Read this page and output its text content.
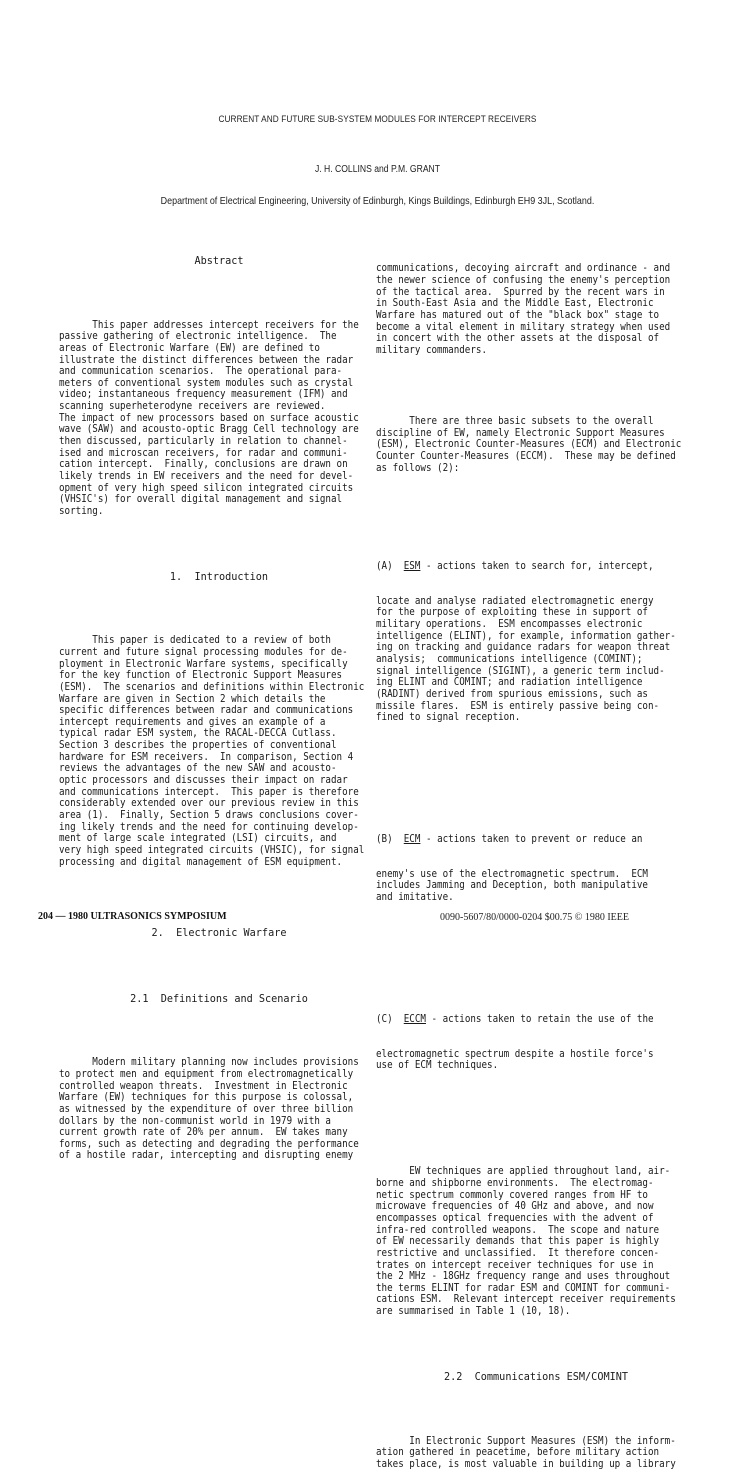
CURRENT AND FUTURE SUB-SYSTEM MODULES FOR INTERCEPT RECEIVERS
J. H. COLLINS and P.M. GRANT
Department of Electrical Engineering, University of Edinburgh, Kings Buildings, Edinburgh EH9 3JL, Scotland.

Abstract

This paper addresses intercept receivers for the
passive gathering of electronic intelligence.  The
areas of Electronic Warfare (EW) are defined to
illustrate the distinct differences between the radar
and communication scenarios.  The operational para-
meters of conventional system modules such as crystal
video; instantaneous frequency measurement (IFM) and
scanning superheterodyne receivers are reviewed.
The impact of new processors based on surface acoustic
wave (SAW) and acousto-optic Bragg Cell technology are
then discussed, particularly in relation to channel-
ised and microscan receivers, for radar and communi-
cation intercept.  Finally, conclusions are drawn on
likely trends in EW receivers and the need for devel-
opment of very high speed silicon integrated circuits
(VHSIC's) for overall digital management and signal
sorting.

1.  Introduction

This paper is dedicated to a review of both
current and future signal processing modules for de-
ployment in Electronic Warfare systems, specifically
for the key function of Electronic Support Measures
(ESM).  The scenarios and definitions within Electronic
Warfare are given in Section 2 which details the
specific differences between radar and communications
intercept requirements and gives an example of a
typical radar ESM system, the RACAL-DECCA Cutlass.
Section 3 describes the properties of conventional
hardware for ESM receivers.  In comparison, Section 4
reviews the advantages of the new SAW and acousto-
optic processors and discusses their impact on radar
and communications intercept.  This paper is therefore
considerably extended over our previous review in this
area (1).  Finally, Section 5 draws conclusions cover-
ing likely trends and the need for continuing develop-
ment of large scale integrated (LSI) circuits, and
very high speed integrated circuits (VHSIC), for signal
processing and digital management of ESM equipment.

2.  Electronic Warfare

2.1  Definitions and Scenario

Modern military planning now includes provisions
to protect men and equipment from electromagnetically
controlled weapon threats.  Investment in Electronic
Warfare (EW) techniques for this purpose is colossal,
as witnessed by the expenditure of over three billion
dollars by the non-communist world in 1979 with a
current growth rate of 20% per annum.  EW takes many
forms, such as detecting and degrading the performance
of a hostile radar, intercepting and disrupting enemy

communications, decoying aircraft and ordinance - and
the newer science of confusing the enemy's perception
of the tactical area.  Spurred by the recent wars in
in South-East Asia and the Middle East, Electronic
Warfare has matured out of the "black box" stage to
become a vital element in military strategy when used
in concert with the other assets at the disposal of
military commanders.

There are three basic subsets to the overall
discipline of EW, namely Electronic Support Measures
(ESM), Electronic Counter-Measures (ECM) and Electronic
Counter Counter-Measures (ECCM).  These may be defined
as follows (2):

(A)  ESM - actions taken to search for, intercept,

locate and analyse radiated electromagnetic energy
for the purpose of exploiting these in support of
military operations.  ESM encompasses electronic
intelligence (ELINT), for example, information gather-
ing on tracking and guidance radars for weapon threat
analysis;  communications intelligence (COMINT);
signal intelligence (SIGINT), a generic term includ-
ing ELINT and COMINT; and radiation intelligence
(RADINT) derived from spurious emissions, such as
missile flares.  ESM is entirely passive being con-
fined to signal reception.

(B)  ECM - actions taken to prevent or reduce an

enemy's use of the electromagnetic spectrum.  ECM
includes Jamming and Deception, both manipulative
and imitative.

(C)  ECCM - actions taken to retain the use of the

electromagnetic spectrum despite a hostile force's
use of ECM techniques.

EW techniques are applied throughout land, air-
borne and shipborne environments.  The electromag-
netic spectrum commonly covered ranges from HF to
microwave frequencies of 40 GHz and above, and now
encompasses optical frequencies with the advent of
infra-red controlled weapons.  The scope and nature
of EW necessarily demands that this paper is highly
restrictive and unclassified.  It therefore concen-
trates on intercept receiver techniques for use in
the 2 MHz - 18GHz frequency range and uses throughout
the terms ELINT for radar ESM and COMINT for communi-
cations ESM.  Relevant intercept receiver requirements
are summarised in Table 1 (10, 18).

2.2  Communications ESM/COMINT

In Electronic Support Measures (ESM) the inform-
ation gathered in peacetime, before military action
takes place, is most valuable in building up a library

204 — 1980 ULTRASONICS SYMPOSIUM	0090-5607/80/0000-0204 $00.75 © 1980 IEEE
